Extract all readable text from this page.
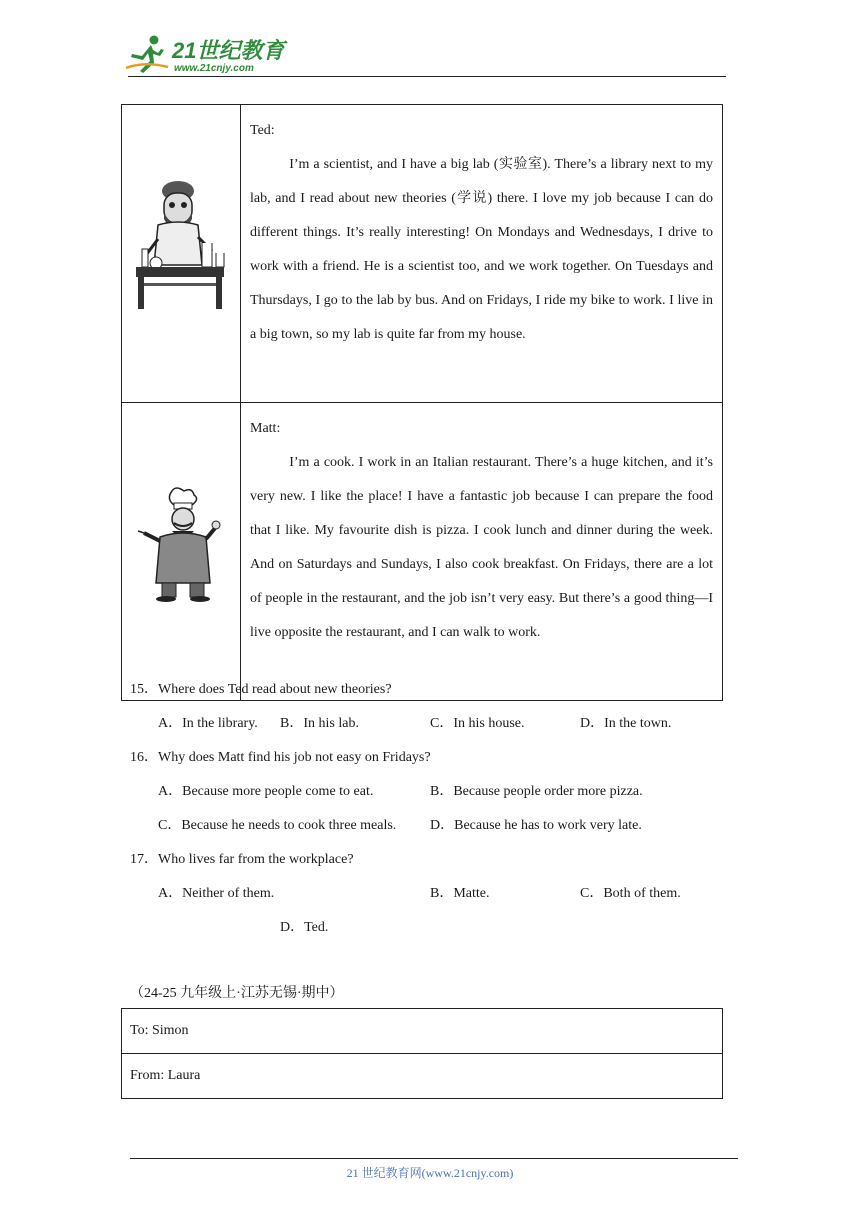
21世纪教育
www.21cnjy.com

Ted:
I’m a scientist, and I have a big lab (实验室). There’s a library next to my lab, and I read about new theories (学说) there. I love my job because I can do different things. It’s really interesting! On Mondays and Wednesdays, I drive to work with a friend. He is a scientist too, and we work together. On Tuesdays and Thursdays, I go to the lab by bus. And on Fridays, I ride my bike to work. I live in a big town, so my lab is quite far from my house.

Matt:
I’m a cook. I work in an Italian restaurant. There’s a huge kitchen, and it’s very new. I like the place! I have a fantastic job because I can prepare the food that I like. My favourite dish is pizza. I cook lunch and dinner during the week. And on Saturdays and Sundays, I also cook breakfast. On Fridays, there are a lot of people in the restaurant, and the job isn’t very easy. But there’s a good thing—I live opposite the restaurant, and I can walk to work.
15．Where does Ted read about new theories?
A．In the library. B．In his lab.	C．In his house.	D．In the town.
16．Why does Matt find his job not easy on Fridays?
A．Because more people come to eat.	B．Because people order more pizza.
C．Because he needs to cook three meals. D．Because he has to work very late.
17．Who lives far from the workplace?
A．Neither of them.	B．Matte.	C．Both of them.
D．Ted.
（24-25 九年级上·江苏无锡·期中）
To: Simon
From: Laura
21 世纪教育网(www.21cnjy.com)
